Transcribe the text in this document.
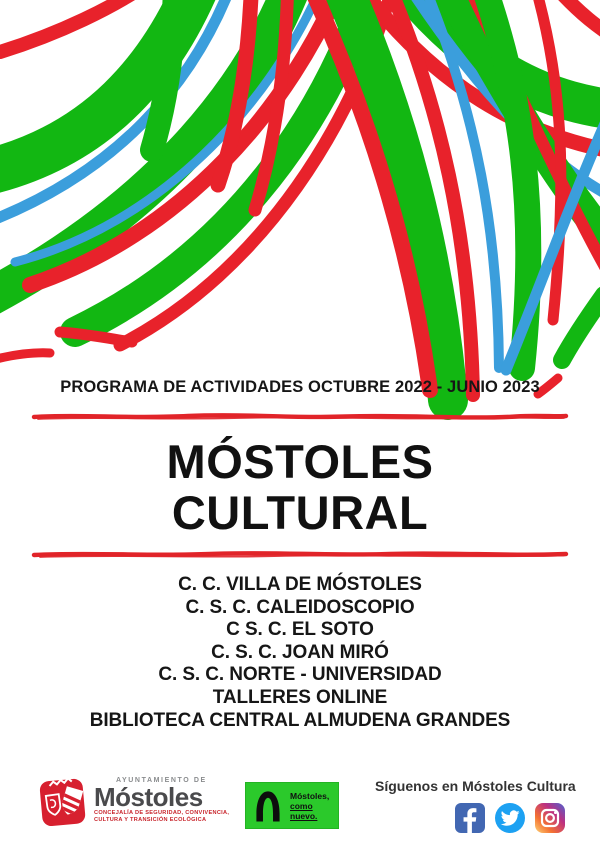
PROGRAMA DE ACTIVIDADES OCTUBRE 2022 - JUNIO 2023
MÓSTOLES
CULTURAL
C. C. VILLA DE MÓSTOLES
C. S. C. CALEIDOSCOPIO
C S. C. EL SOTO
C. S. C. JOAN MIRÓ
C. S. C. NORTE - UNIVERSIDAD
TALLERES ONLINE
BIBLIOTECA CENTRAL ALMUDENA GRANDES
AYUNTAMIENTO DE
Móstoles
CONCEJALÍA DE SEGURIDAD, CONVIVENCIA,
CULTURA Y TRANSICIÓN ECOLÓGICA
Móstoles,
como
nuevo.
Síguenos en Móstoles Cultura
